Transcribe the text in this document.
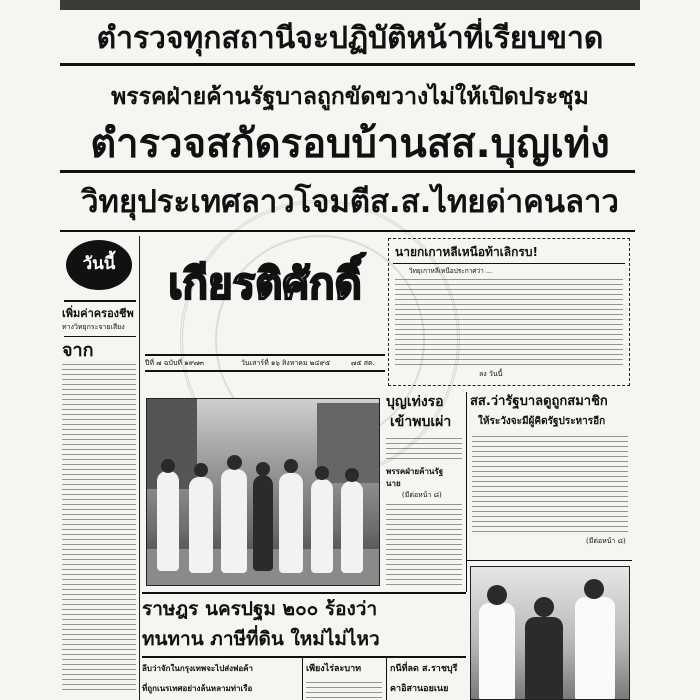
ตำรวจทุกสถานีจะปฏิบัติหน้าที่เรียบขาด
พรรคฝ่ายค้านรัฐบาลถูกขัดขวางไม่ให้เปิดประชุม
ตำรวจสกัดรอบบ้านสส.บุญเท่ง
วิทยุประเทศลาวโจมตีส.ส.ไทยด่าคนลาว
วันนี้
เพิ่มค่าครองชีพ
ทางวิทยุกระจายเสียง
จาก
เกียรติศักดิ์
ปีที่ ๗ ฉบับที่ ๑๙๗๓	วันเสาร์ที่ ๑๖ สิงหาคม ๒๔๙๕	๗๕ สต.
นายกเกาหลีเหนือท้าเลิกรบ!
วิทยุเกาหลีเหนือประกาศว่า ...
ลง วันนี้
บุญเท่งรอ
เข้าพบเผ่า
พรรคฝ่ายค้านรัฐ
นาย
(มีต่อหน้า ๘)
สส.ว่ารัฐบาลดูถูกสมาชิก
ให้ระวังจะมีผู้คิดรัฐประหารอีก
(มีต่อหน้า ๘)
ราษฎร นครปฐม ๒๐๐ ร้องว่า
ทนทาน ภาษีที่ดิน ใหม่ไม่ไหว
ลีบว่าจักในกรุงเทพจะไปส่งพ่อค้า
ที่ถูกเนรเทศอย่างล้นหลามท่าเรือ
เพียงไร่ละบาท	กนีที่ลด ส.ราชบุรี
คาอิสานอยเนย
